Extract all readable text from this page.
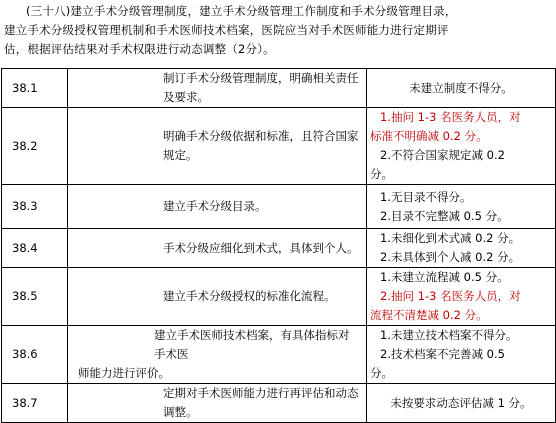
(三十八)建立手术分级管理制度，建立手术分级管理工作制度和手术分级管理目录，
建立手术分级授权管理机制和手术医师技术档案，医院应当对手术医师能力进行定期评
估，根据评估结果对手术权限进行动态调整（2分）。
38.1	制订手术分级管理制度，明确相关责任及要求。	未建立制度不得分。

38.2	明确手术分级依据和标准，且符合国家规定。	1.抽问 1-3 名医务人员，对
标准不明确减 0.2 分。
2.不符合国家规定减 0.2
分。

38.3	建立手术分级目录。	1.无目录不得分。
2.目录不完整减 0.5 分。

38.4	手术分级应细化到术式，具体到个人。	1.未细化到术式减 0.2 分。
2.未具体到个人减 0.2 分。

38.5	建立手术分级授权的标准化流程。	1.未建立流程减 0.5 分。
2.抽问 1-3 名医务人员，对
流程不清楚减 0.2 分。

38.6	建立手术医师技术档案，有具体指标对手术医
师能力进行评价。	1.未建立技术档案不得分。
2.技术档案不完善减 0.5
分。

38.7	定期对手术医师能力进行再评估和动态调整。	未按要求动态评估减 1 分。
